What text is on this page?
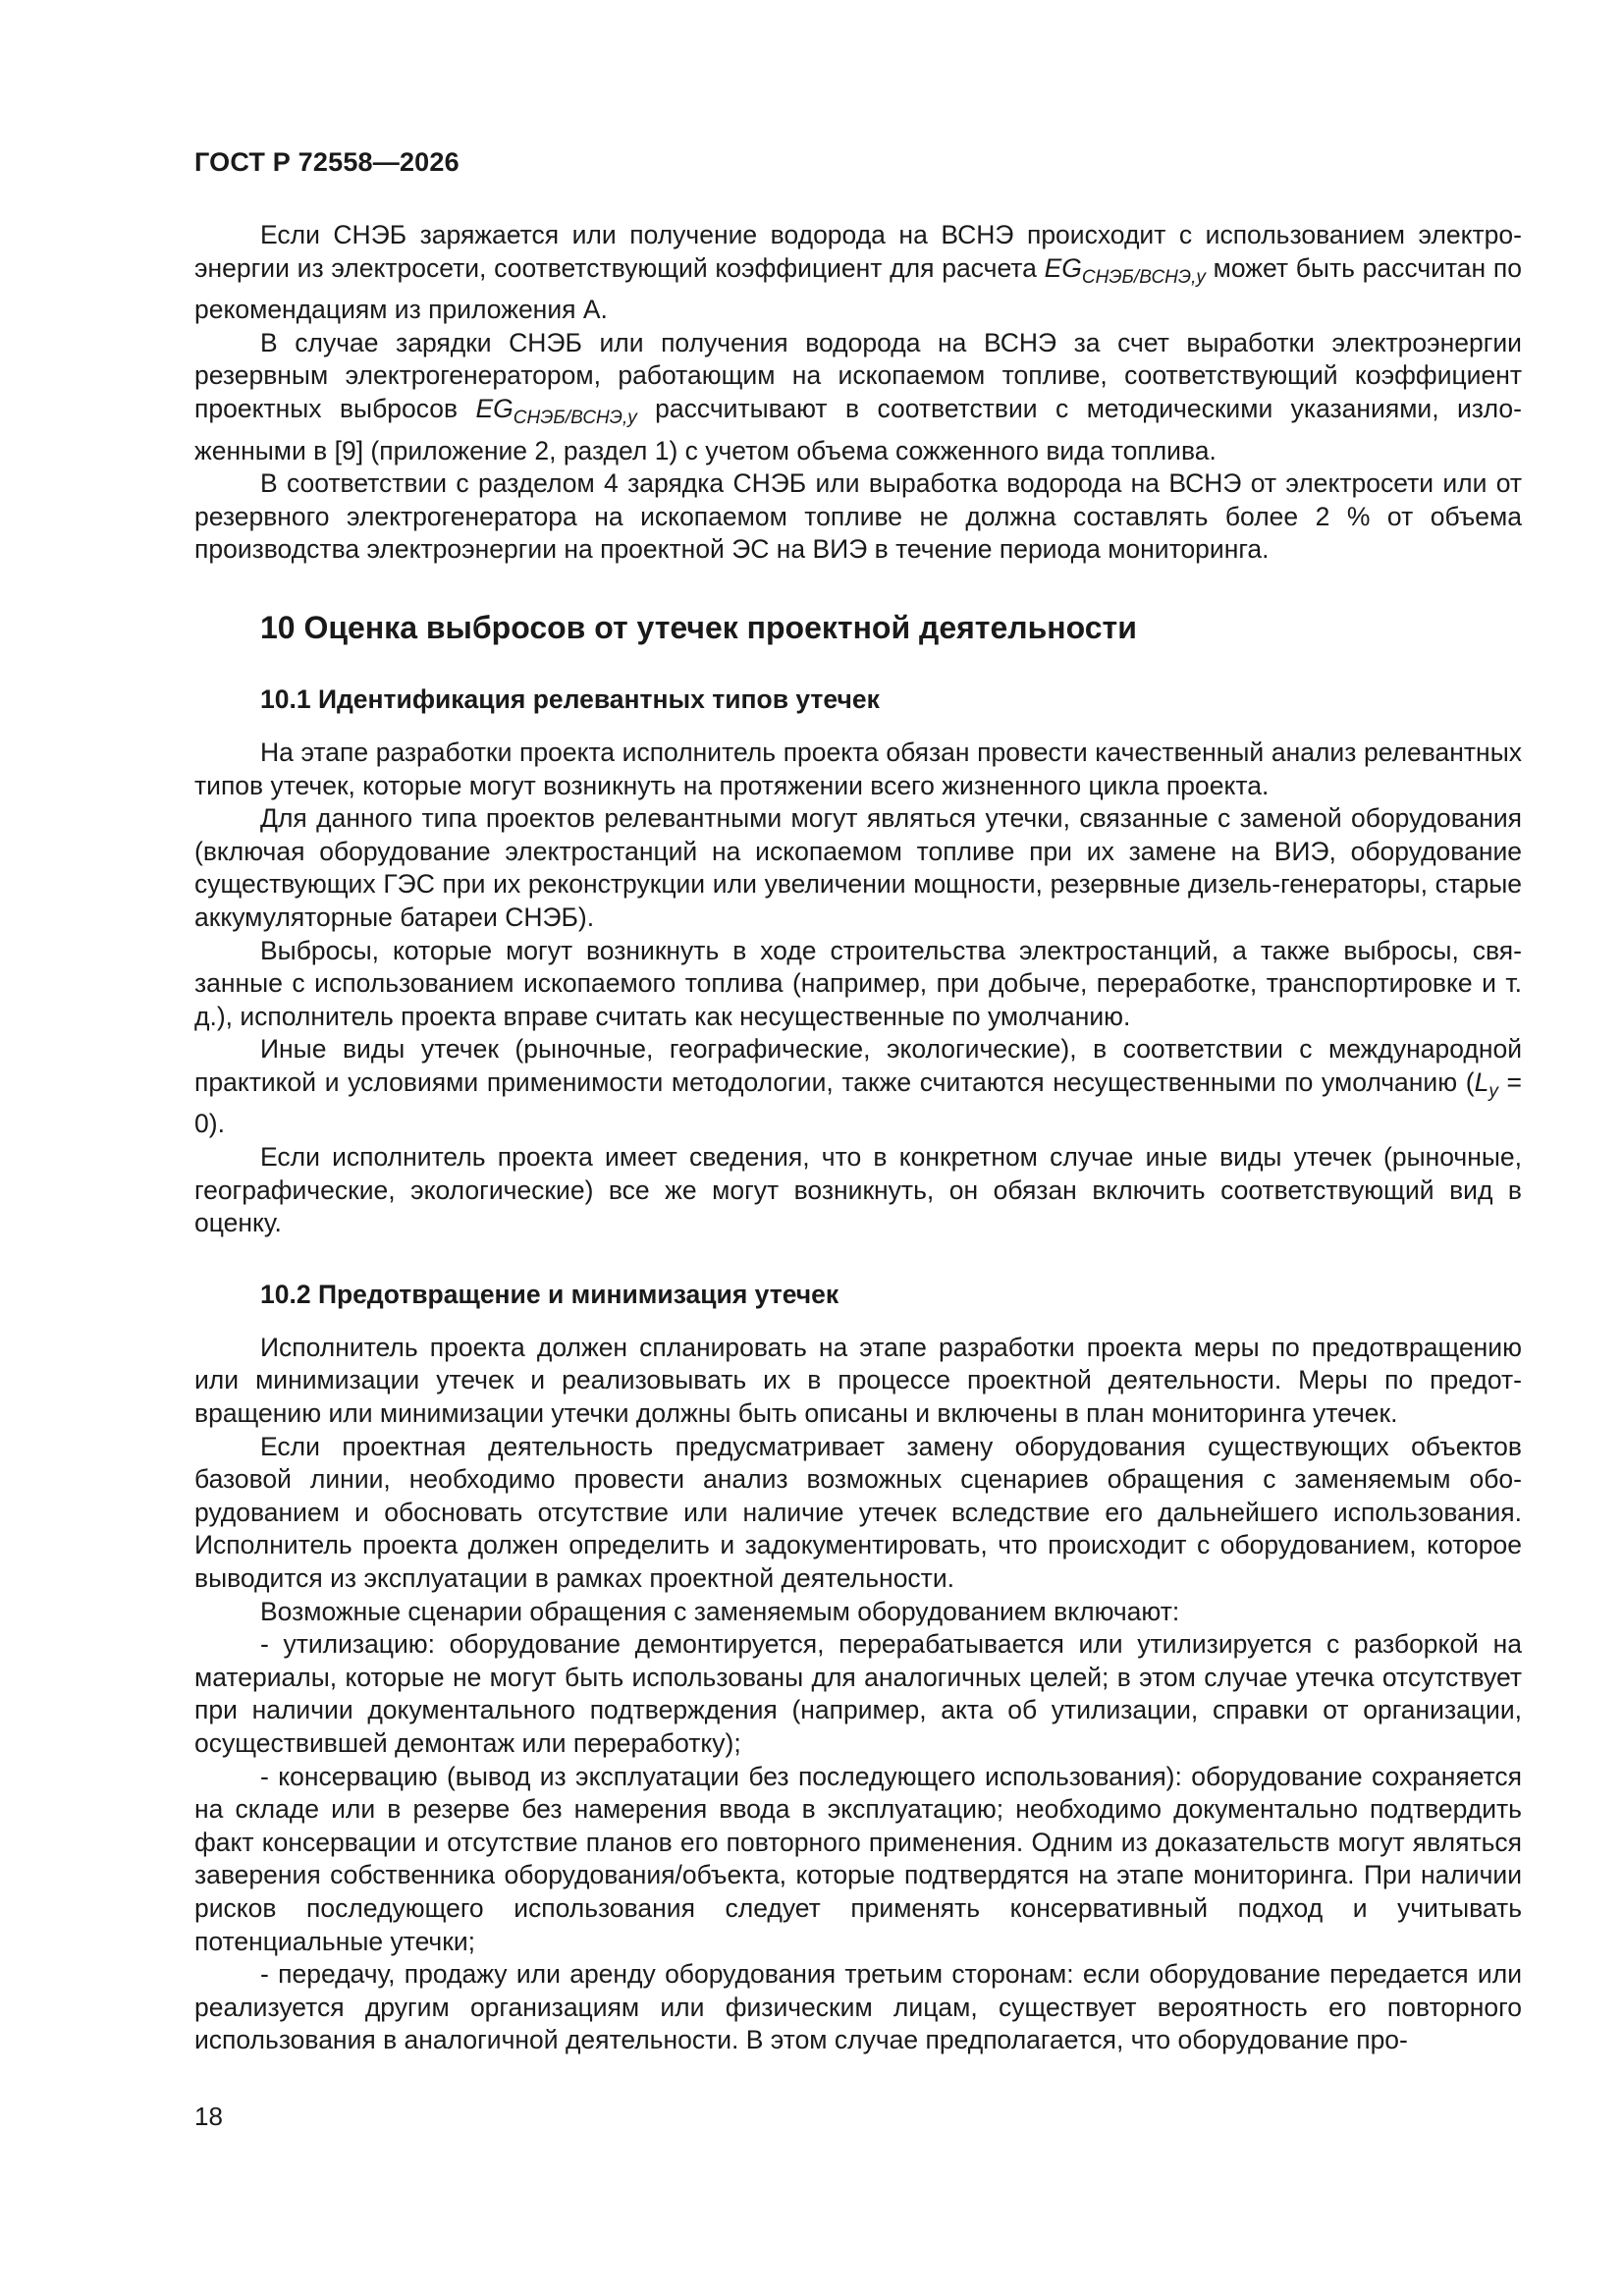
ГОСТ Р 72558—2026

Если СНЭБ заряжается или получение водорода на ВСНЭ происходит с использованием электроэнергии из электросети, соответствующий коэффициент для расчета $EG_{СНЭБ/ВСНЭ,y}$ может быть рассчитан по рекомендациям из приложения А.

В случае зарядки СНЭБ или получения водорода на ВСНЭ за счет выработки электроэнергии резервным электрогенератором, работающим на ископаемом топливе, соответствующий коэффициент проектных выбросов $EG_{СНЭБ/ВСНЭ,y}$ рассчитывают в соответствии с методическими указаниями, изложенными в [9] (приложение 2, раздел 1) с учетом объема сожженного вида топлива.

В соответствии с разделом 4 зарядка СНЭБ или выработка водорода на ВСНЭ от электросети или от резервного электрогенератора на ископаемом топливе не должна составлять более 2 % от объема производства электроэнергии на проектной ЭС на ВИЭ в течение периода мониторинга.

10 Оценка выбросов от утечек проектной деятельности
10.1 Идентификация релевантных типов утечек

На этапе разработки проекта исполнитель проекта обязан провести качественный анализ релевантных типов утечек, которые могут возникнуть на протяжении всего жизненного цикла проекта.

Для данного типа проектов релевантными могут являться утечки, связанные с заменой оборудования (включая оборудование электростанций на ископаемом топливе при их замене на ВИЭ, оборудование существующих ГЭС при их реконструкции или увеличении мощности, резервные дизель-генераторы, старые аккумуляторные батареи СНЭБ).

Выбросы, которые могут возникнуть в ходе строительства электростанций, а также выбросы, связанные с использованием ископаемого топлива (например, при добыче, переработке, транспортировке и т. д.), исполнитель проекта вправе считать как несущественные по умолчанию.

Иные виды утечек (рыночные, географические, экологические), в соответствии с международной практикой и условиями применимости методологии, также считаются несущественными по умолчанию $(L_y = 0)$.

Если исполнитель проекта имеет сведения, что в конкретном случае иные виды утечек (рыночные, географические, экологические) все же могут возникнуть, он обязан включить соответствующий вид в оценку.

10.2 Предотвращение и минимизация утечек

Исполнитель проекта должен спланировать на этапе разработки проекта меры по предотвращению или минимизации утечек и реализовывать их в процессе проектной деятельности. Меры по предотвращению или минимизации утечки должны быть описаны и включены в план мониторинга утечек.

Если проектная деятельность предусматривает замену оборудования существующих объектов базовой линии, необходимо провести анализ возможных сценариев обращения с заменяемым оборудованием и обосновать отсутствие или наличие утечек вследствие его дальнейшего использования. Исполнитель проекта должен определить и задокументировать, что происходит с оборудованием, которое выводится из эксплуатации в рамках проектной деятельности.

Возможные сценарии обращения с заменяемым оборудованием включают:

- утилизацию: оборудование демонтируется, перерабатывается или утилизируется с разборкой на материалы, которые не могут быть использованы для аналогичных целей; в этом случае утечка отсутствует при наличии документального подтверждения (например, акта об утилизации, справки от организации, осуществившей демонтаж или переработку);

- консервацию (вывод из эксплуатации без последующего использования): оборудование сохраняется на складе или в резерве без намерения ввода в эксплуатацию; необходимо документально подтвердить факт консервации и отсутствие планов его повторного применения. Одним из доказательств могут являться заверения собственника оборудования/объекта, которые подтвердятся на этапе мониторинга. При наличии рисков последующего использования следует применять консервативный подход и учитывать потенциальные утечки;

- передачу, продажу или аренду оборудования третьим сторонам: если оборудование передается или реализуется другим организациям или физическим лицам, существует вероятность его повторного использования в аналогичной деятельности. В этом случае предполагается, что оборудование про-

18
